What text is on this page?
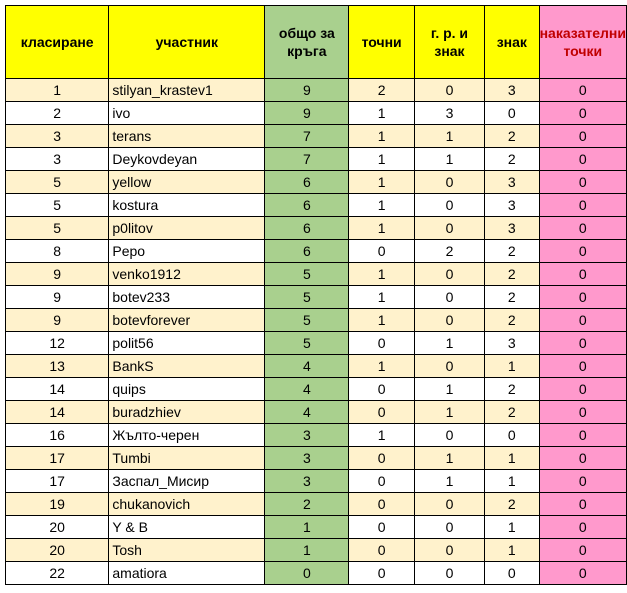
класиране	участник	общо за кръга	точни	г. р. и знак	знак	наказателни точки
1	stilyan_krastev1	9	2	0	3	0
2	ivo	9	1	3	0	0
3	terans	7	1	1	2	0
3	Deykovdeyan	7	1	1	2	0
5	yellow	6	1	0	3	0
5	kostura	6	1	0	3	0
5	p0litov	6	1	0	3	0
8	Pepo	6	0	2	2	0
9	venko1912	5	1	0	2	0
9	botev233	5	1	0	2	0
9	botevforever	5	1	0	2	0
12	polit56	5	0	1	3	0
13	BankS	4	1	0	1	0
14	quips	4	0	1	2	0
14	buradzhiev	4	0	1	2	0
16	Жълто-черен	3	1	0	0	0
17	Tumbi	3	0	1	1	0
17	Заспал_Мисир	3	0	1	1	0
19	chukanovich	2	0	0	2	0
20	Y & B	1	0	0	1	0
20	Tosh	1	0	0	1	0
22	amatiora	0	0	0	0	0
